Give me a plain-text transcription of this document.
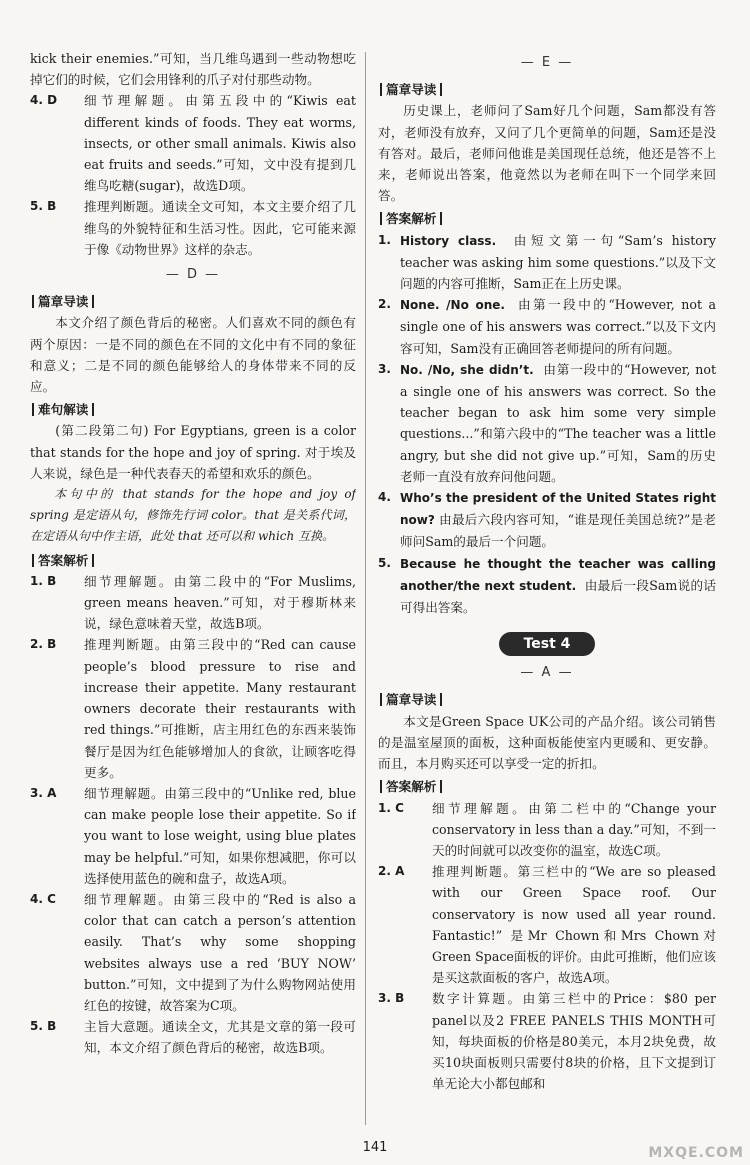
kick their enemies.”可知，当几维鸟遇到一些动物想吃掉它们的时候，它们会用锋利的爪子对付那些动物。

4. D	细节理解题。由第五段中的“Kiwis eat different kinds of foods. They eat worms, insects, or other small animals. Kiwis also eat fruits and seeds.”可知，文中没有提到几维鸟吃糖(sugar)，故选D项。
5. B	推理判断题。通读全文可知，本文主要介绍了几维鸟的外貌特征和生活习性。因此，它可能来源于像《动物世界》这样的杂志。
— D —
篇章导读

本文介绍了颜色背后的秘密。人们喜欢不同的颜色有两个原因：一是不同的颜色在不同的文化中有不同的象征和意义；二是不同的颜色能够给人的身体带来不同的反应。

难句解读

(第二段第二句) For Egyptians, green is a color that stands for the hope and joy of spring. 对于埃及人来说，绿色是一种代表春天的希望和欢乐的颜色。

本句中的 that stands for the hope and joy of spring 是定语从句，修饰先行词 color。that 是关系代词，在定语从句中作主语，此处 that 还可以和 which 互换。

答案解析
1. B	细节理解题。由第二段中的“For Muslims, green means heaven.”可知，对于穆斯林来说，绿色意味着天堂，故选B项。
2. B	推理判断题。由第三段中的“Red can cause people’s blood pressure to rise and increase their appetite. Many restaurant owners decorate their restaurants with red things.”可推断，店主用红色的东西来装饰餐厅是因为红色能够增加人的食欲，让顾客吃得更多。
3. A	细节理解题。由第三段中的“Unlike red, blue can make people lose their appetite. So if you want to lose weight, using blue plates may be helpful.”可知，如果你想减肥，你可以选择使用蓝色的碗和盘子，故选A项。
4. C	细节理解题。由第三段中的“Red is also a color that can catch a person’s attention easily. That’s why some shopping websites always use a red ‘BUY NOW’ button.”可知，文中提到了为什么购物网站使用红色的按键，故答案为C项。
5. B	主旨大意题。通读全文，尤其是文章的第一段可知，本文介绍了颜色背后的秘密，故选B项。
— E —
篇章导读

历史课上，老师问了Sam好几个问题，Sam都没有答对，老师没有放弃，又问了几个更简单的问题，Sam还是没有答对。最后，老师问他谁是美国现任总统，他还是答不上来，老师说出答案，他竟然以为老师在叫下一个同学来回答。

答案解析
1. History class. 由短文第一句“Sam’s history teacher was asking him some questions.”以及下文问题的内容可推断，Sam正在上历史课。
2. None. /No one. 由第一段中的“However, not a single one of his answers was correct.”以及下文内容可知，Sam没有正确回答老师提问的所有问题。
3. No. /No, she didn’t. 由第一段中的“However, not a single one of his answers was correct. So the teacher began to ask him some very simple questions...”和第六段中的“The teacher was a little angry, but she did not give up.”可知，Sam的历史老师一直没有放弃问他问题。
4. Who’s the president of the United States right now? 由最后六段内容可知，“谁是现任美国总统?”是老师问Sam的最后一个问题。
5. Because he thought the teacher was calling another/the next student. 由最后一段Sam说的话可得出答案。
Test 4
— A —
篇章导读

本文是Green Space UK公司的产品介绍。该公司销售的是温室屋顶的面板，这种面板能使室内更暖和、更安静。而且，本月购买还可以享受一定的折扣。

答案解析
1. C	细节理解题。由第二栏中的“Change your conservatory in less than a day.”可知，不到一天的时间就可以改变你的温室，故选C项。
2. A	推理判断题。第三栏中的“We are so pleased with our Green Space roof. Our conservatory is now used all year round. Fantastic!” 是Mr Chown和Mrs Chown对Green Space面板的评价。由此可推断，他们应该是买这款面板的客户，故选A项。
3. B	数字计算题。由第三栏中的Price：$80 per panel以及2 FREE PANELS THIS MONTH可知，每块面板的价格是80美元，本月2块免费，故买10块面板则只需要付8块的价格，且下文提到订单无论大小都包邮和
141	MXQE.COM
